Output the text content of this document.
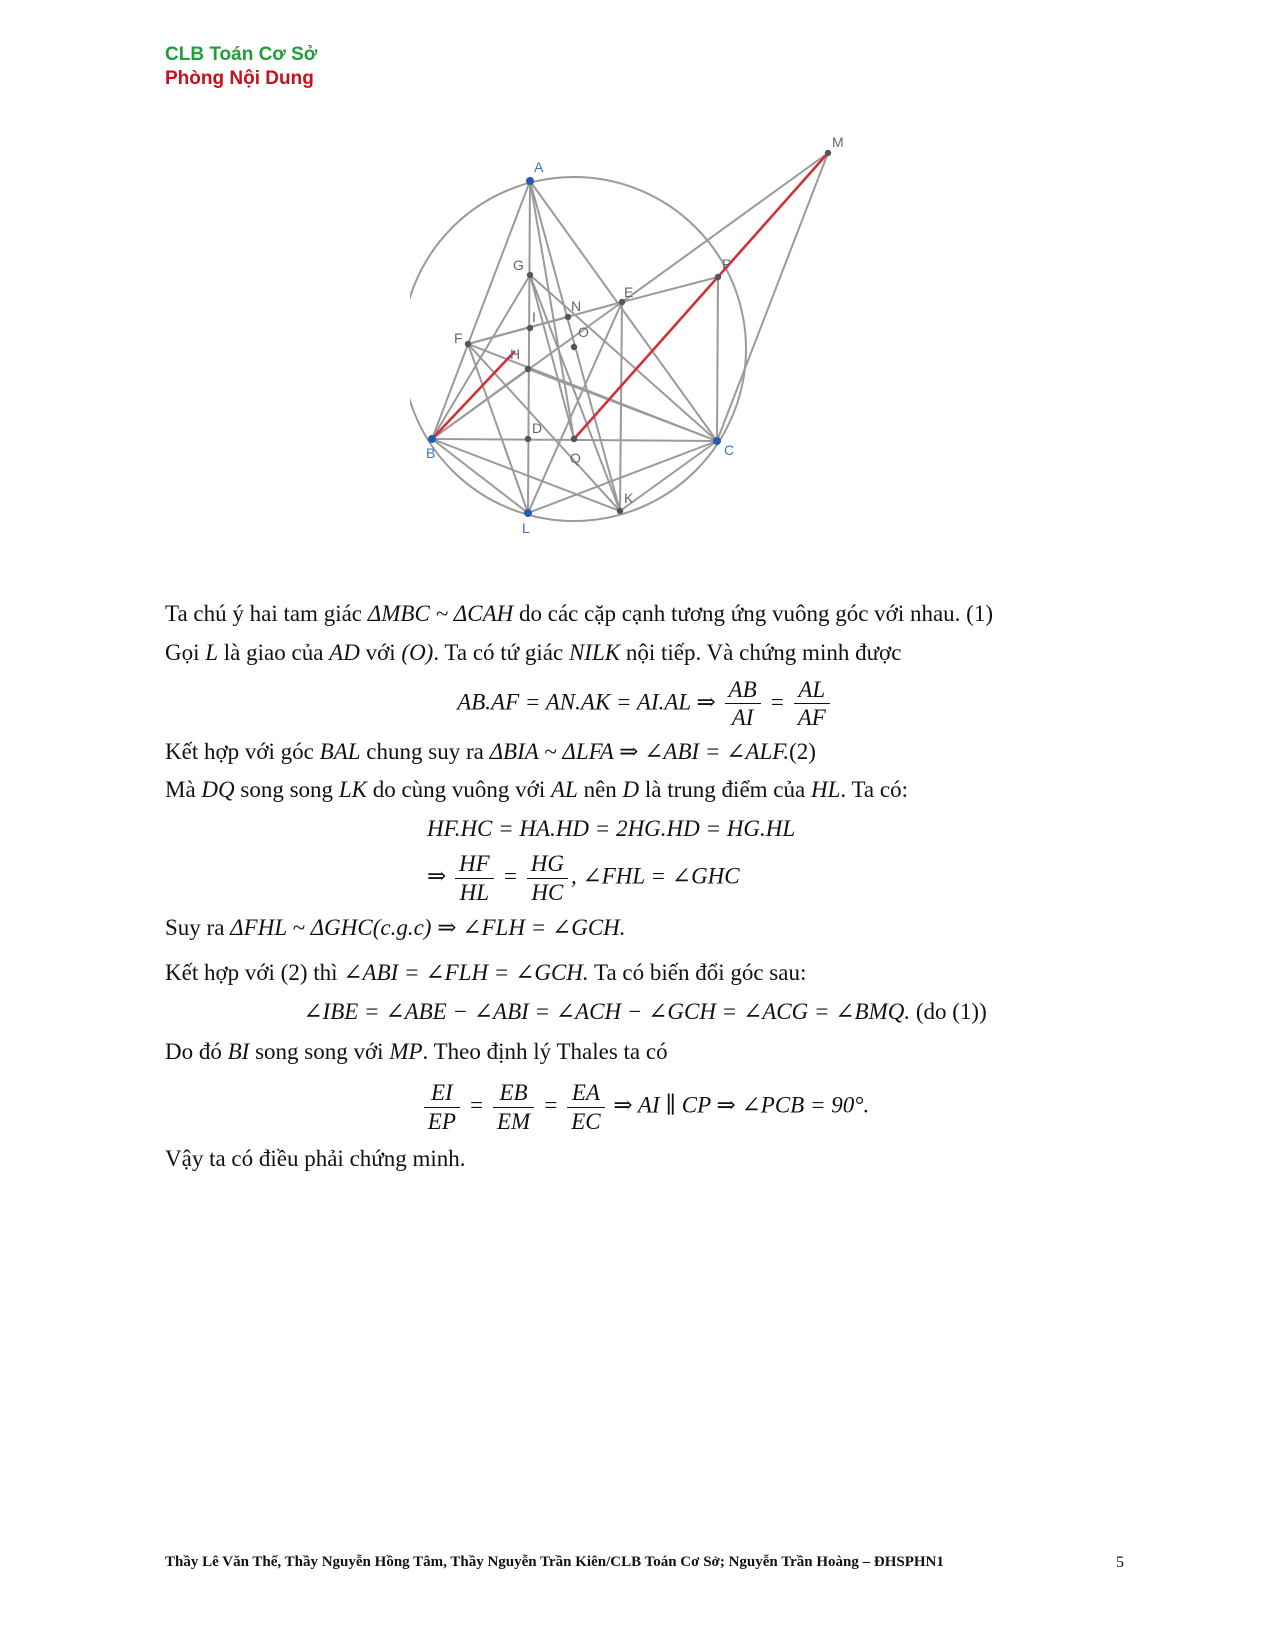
CLB Toán Cơ Sở
Phòng Nội Dung
A
B	C
L
G
I
H
D
Q
K
F
E
N
O
P
M

Ta chú ý hai tam giác ΔMBC ~ ΔCAH do các cặp cạnh tương ứng vuông góc với nhau. (1)

Gọi L là giao của AD với (O). Ta có tứ giác NILK nội tiếp. Và chứng minh được

AB.AF = AN.AK = AI.AL ⇒ $\frac{AB}{AI} = \frac{AL}{AF}$

Kết hợp với góc BAL chung suy ra ΔBIA ~ ΔLFA ⇒ ∠ABI = ∠ALF.(2)

Mà DQ song song LK do cùng vuông với AL nên D là trung điểm của HL. Ta có:

HF.HC = HA.HD = 2HG.HD = HG.HL
⇒ $\frac{HF}{HL} = \frac{HG}{HC}$ , ∠FHL = ∠GHC

Suy ra ΔFHL ~ ΔGHC(c.g.c) ⇒ ∠FLH = ∠GCH.

Kết hợp với (2) thì ∠ABI = ∠FLH = ∠GCH. Ta có biến đổi góc sau:

∠IBE = ∠ABE − ∠ABI = ∠ACH − ∠GCH = ∠ACG = ∠BMQ. (do (1))

Do đó BI song song với MP. Theo định lý Thales ta có

$\frac{EI}{EP} = \frac{EB}{EM} = \frac{EA}{EC}$ ⇒ AI ∥ CP ⇒ ∠PCB = 90°.

Vậy ta có điều phải chứng minh.

Thầy Lê Văn Thế, Thầy Nguyễn Hồng Tâm, Thầy Nguyễn Trần Kiên/CLB Toán Cơ Sở; Nguyễn Trần Hoàng – ĐHSPHN1	5
